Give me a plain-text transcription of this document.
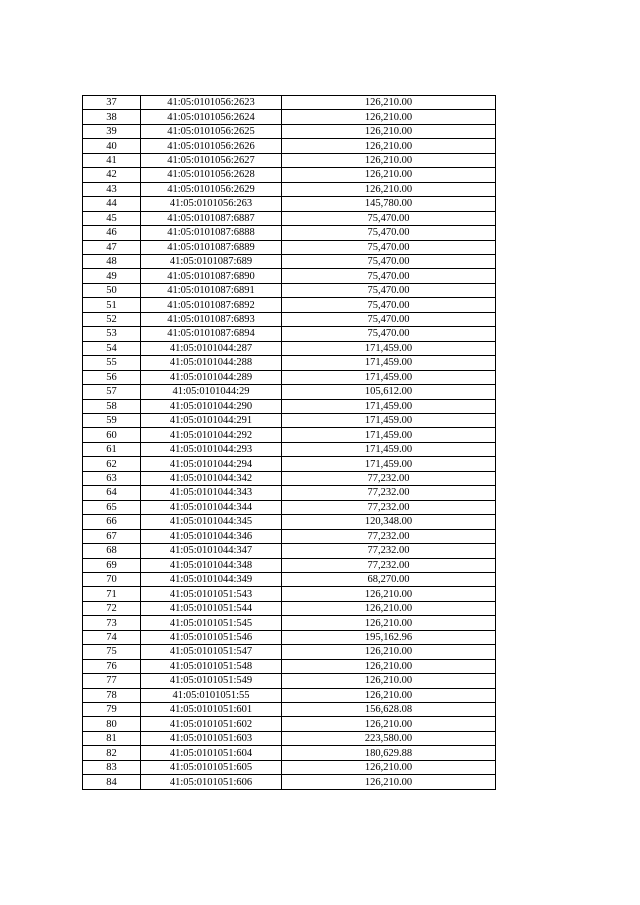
37	41:05:0101056:2623	126,210.00
38	41:05:0101056:2624	126,210.00
39	41:05:0101056:2625	126,210.00
40	41:05:0101056:2626	126,210.00
41	41:05:0101056:2627	126,210.00
42	41:05:0101056:2628	126,210.00
43	41:05:0101056:2629	126,210.00
44	41:05:0101056:263	145,780.00
45	41:05:0101087:6887	75,470.00
46	41:05:0101087:6888	75,470.00
47	41:05:0101087:6889	75,470.00
48	41:05:0101087:689	75,470.00
49	41:05:0101087:6890	75,470.00
50	41:05:0101087:6891	75,470.00
51	41:05:0101087:6892	75,470.00
52	41:05:0101087:6893	75,470.00
53	41:05:0101087:6894	75,470.00
54	41:05:0101044:287	171,459.00
55	41:05:0101044:288	171,459.00
56	41:05:0101044:289	171,459.00
57	41:05:0101044:29	105,612.00
58	41:05:0101044:290	171,459.00
59	41:05:0101044:291	171,459.00
60	41:05:0101044:292	171,459.00
61	41:05:0101044:293	171,459.00
62	41:05:0101044:294	171,459.00
63	41:05:0101044:342	77,232.00
64	41:05:0101044:343	77,232.00
65	41:05:0101044:344	77,232.00
66	41:05:0101044:345	120,348.00
67	41:05:0101044:346	77,232.00
68	41:05:0101044:347	77,232.00
69	41:05:0101044:348	77,232.00
70	41:05:0101044:349	68,270.00
71	41:05:0101051:543	126,210.00
72	41:05:0101051:544	126,210.00
73	41:05:0101051:545	126,210.00
74	41:05:0101051:546	195,162.96
75	41:05:0101051:547	126,210.00
76	41:05:0101051:548	126,210.00
77	41:05:0101051:549	126,210.00
78	41:05:0101051:55	126,210.00
79	41:05:0101051:601	156,628.08
80	41:05:0101051:602	126,210.00
81	41:05:0101051:603	223,580.00
82	41:05:0101051:604	180,629.88
83	41:05:0101051:605	126,210.00
84	41:05:0101051:606	126,210.00
